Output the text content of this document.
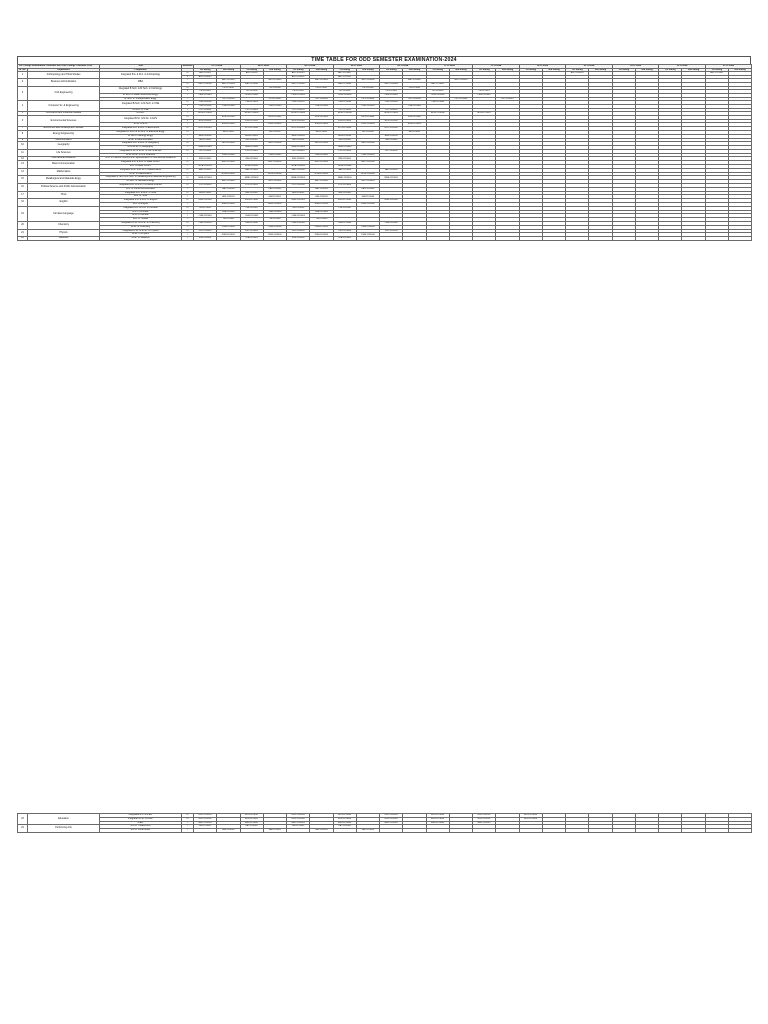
TIME TABLE FOR ODD SEMESTER EXAMINATION-2024
For Timings Examination Controller and Time-Timings Controller Print		Year	Semester	01.11.2024		04.11.2024		06.11.2024		08.11.2024		09.11.2024		11.11.2024		13.11.2024		14.11.2024		16.11.2024		18.11.2024		19.11.2024		21.11.2024	
Sl. No.	Department	Programme		1st Sitting	2nd Sitting	1st Sitting	2nd Sitting	1st Sitting	2nd Sitting	1st Sitting	2nd Sitting	1st Sitting	2nd Sitting	1st Sitting	2nd Sitting	1st Sitting	2nd Sitting	1st Sitting	2nd Sitting	1st Sitting	2nd Sitting	1st Sitting	2nd Sitting	1st Sitting	2nd Sitting	1st Sitting	2nd Sitting
1	Anthropology and Tribal Studies	Integrated B.A. & M.A. in Anthropology	III	ANT-112001		ANT-122301		ANT-1223013		ANT-1223401										ANT-1226001						ANT-1223301	
			V	ANT-2233012				ANT-1124001		ANT-1226341																	
2	Business Administration	MBA	I		MBT-1124001		MBT-1124004		MBT-1124003		MBT-1124006		MBT-1124002		MBT-1124005												
			III	MBT-1724002	MBT-1724003	MBT-1724001		MBT-1724005		MBT-1724006		MBT-1724004		MBT-1724007													
3	Civil Engineering	Integrated B.Tech. & M.Tech. in Civil Engg.	III		CE-1123001		CE-1123004		CE-1123002		CE-1123005		CE-1123003														
			V	CE-1125001		CE-1125003		CE-1125002		CE-1125004		CE-1125006		CE-1125005		CE-1125007											
		M.Tech. in Water Resources Engg.	I	CEW-1124001		CEW-1124002		CEW-1124003		CEW-1124004		CEW-1124005		CEW-1124006		CEW-1124007											
		M.Tech. in Transportation Engg.	I		CET-1124001		CET-1124002		CET-1124003		CET-1124004		CET-1124005		CET-1124006		CET-1124007										
4	Computer Sc. & Engineering	Integrated B.Tech. & M.Tech. in CSE	III	CSE-1123001		CSE-1123002		CSE-1123003		CSE-1123004		CSE-1123005		CSE-1123006													
			V	CSE-1125001	CSE-1125002		CSE-1125003		CSE-1125004		CSE-1125005		CSE-1125006														
		M.Tech. in CSE	I	CST-1124001		CST-1124002		CST-1124003		CST-1124004		CST-1124005															
5	Commerce and Financial Studies	M.Com.	I	MCM-1724001		MCM-1724002		MCM-1724003		MCM-1724004		MCM-1724005		MCM-1724006		MCM-1724007											
6	Environmental Sciences	Integrated B.Sc. & M.Sc. in EVS	III		EVS-1123001		EVS-1123002		EVS-1123003		EVS-1123004		EVS-1123005														
			V	EVS-1125001		EVS-1125002		EVS-1125003		EVS-1125004		EVS-1125005															
		M.Sc. in EVS	I		EVM-1124001		EVM-1124002		EVM-1124003		EVM-1124004		EVM-1124005														
7	Economics and Development Studies	Integrated B.A. & M.A. in Economics	III	ECO-1123001		ECO-1123002		ECO-1123003		ECO-1123004		ECO-1123005															
8	Energy Engineering	Integrated B.Tech. & M.Tech. in Electrical Engg.	III		EE-1123001		EE-1123002		EE-1123003		EE-1123004		EE-1123005														
		M.Tech. in Energy Engg.	I	EEN-1124001		EEN-1124002		EEN-1124003		EEN-1124004		EEN-1124005															
9	Geoinformatics	M.Sc. in Geoinformatics	I	GEI-1124001		GEI-1124002		GEI-1124003		GEI-1124004		GEI-1124005															
10	Geography	Integrated B.A. & M.A. in Geography	III		GEO-1123001		GEO-1123002		GEO-1123003		GEO-1123004																
		M.A./M.Sc. in Geography	I	GEM-1124001		GEM-1124002		GEM-1124003		GEM-1124004																	
11	Life Sciences	Integrated B.Sc. & M.Sc. in Life Sciences	III	LSC-1123001		LSC-1123002		LSC-1123003		LSC-1123004		LSC-1123005															
		M.Sc./M.Sc. in Life Sciences	I		LSM-1124001		LSM-1124002		LSM-1124003		LSM-1124004																
12	International Relations	M.A. in Political Science with Specialization in International Relations	I	IRM-1124001		IRM-1124002		IRM-1124003		IRM-1124004																	
13	Mass Communication	Integrated B.A. & M.A. in Mass Comm.	III		MSC-1123001		MSC-1123002		MSC-1123003		MSC-1123004																
		M.A. in Mass Comm.	I	MCA-1124001		MCA-1124002		MCA-1124003		MCA-1124004																	
14	Mathematics	Integrated B.Sc. & M.Sc. in Mathematics	III	MAT-1123001		MAT-1123002		MAT-1123003		MAT-1123004		MAT-1123005															
		M.Sc. in Mathematics	I		MTM-1124001		MTM-1124002		MTM-1124003		MTM-1124004																
15	Metallurgical and Materials Engg.	Integrated B.Tech & M.Tech. in Metallurgical & Materials Engineering	III	MME-1123001		MME-1123002		MME-1123003		MME-1123004		MME-1123005															
		M.Tech. in Nanotechnology	I		MNT-1124001		MNT-1124002		MNT-1124003		MNT-1124004																
16	Political Science and Public Administration	Integrated B.A. & M.A. in Political Science	III	POL-1123001		POL-1123002		POL-1123003		POL-1123004																	
		M.A. in Public Administration	I		PAD-1124001		PAD-1124002		PAD-1124003		PAD-1124004																
17	Hindi	Integrated B.A. & M.A. in Hindi	III	HIN-1123001		HIN-1123002		HIN-1123003		HIN-1123004																	
		M.A. in Hindi	I		HIM-1124001		HIM-1124002		HIM-1124003		HIM-1124004																
18	English	Integrated B.A. & M.A. in English	III	ENG-1123001		ENG-1123002		ENG-1123003		ENG-1123004		ENG-1123005															
		M.A. in English	I		ENM-1124001		ENM-1124002		ENM-1124003		ENM-1124004																
19	Far East Language	Integrated B.A. & M.A. in Chinese	III	CHI-1123001		CHI-1123002		CHI-1123003		CHI-1123004																	
		B.A. in Chinese	I		CHB-1124001		CHB-1124002		CHB-1124003																		
		M.A. in Chinese	I	CHM-1124001		CHM-1124002		CHM-1124003																			
		M.A. in Tibetan	I		TIB-1124001		TIB-1124002		TIB-1124003																		
20	Chemistry	Integrated B.Sc. & M.Sc. in Chemistry	III	CHE-1123001		CHE-1123002		CHE-1123003		CHE-1123004		CHE-1123005															
		M.Sc. in Chemistry	I		CHM-1124001		CHM-1124002		CHM-1124003		CHM-1124004																
21	Physics	Integrated B.Sc. & M.Sc. in Physics	III	PHY-1123001		PHY-1123002		PHY-1123003		PHY-1123004		PHY-1123005															
		M.Sc. in Physics	I		PHM-1124001		PHM-1124002		PHM-1124003		PHM-1124004																
22	Statistics	M.Sc. in Statistics	I	STA-1124001		STA-1124002		STA-1124003		STA-1124004																	
23	Education	Integrated B.A. & B.Ed.	III	EDU-1123001		EDU-1123002		EDU-1123003		EDU-1123004		EDU-1123005		EDU-1123006		EDU-1123007		EDU-1123008									
		Integrated B.Sc. & B.Ed.	III	EDS-1123001		EDS-1123002		EDS-1123003		EDS-1123004		EDS-1123005		EDS-1123006		EDS-1123007		EDS-1123008									
		M.Ed.	I	MED-1124001		MED-1124002		MED-1124003		MED-1124004		MED-1124005		MED-1124006		MED-1124007											
24	Performing Arts	M.P.A. Theatre Arts	I	PAT-1124001		PAT-1124002		PAT-1124003		PAT-1124004																	
		M.P.A. Vocal Music	I		PAV-1124001		PAV-1124002		PAV-1124003		PAV-1124004																
